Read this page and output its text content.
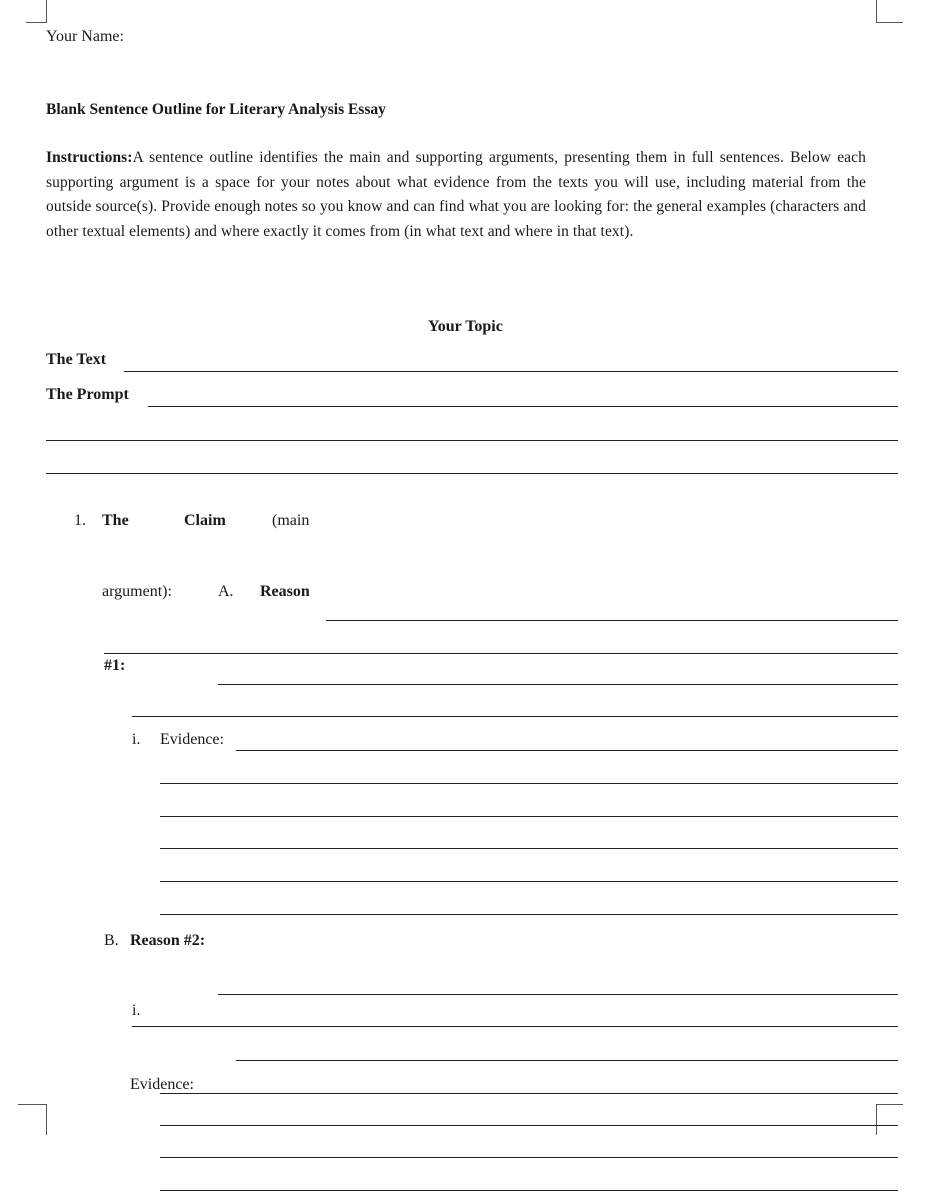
Your Name:
Blank Sentence Outline for Literary Analysis Essay
Instructions:A sentence outline identifies the main and supporting arguments, presenting them in full sentences. Below each supporting argument is a space for your notes about what evidence from the texts you will use, including material from the outside source(s). Provide enough notes so you know and can find what you are looking for: the general examples (characters and other textual elements) and where exactly it comes from (in what text and where in that text).
Your Topic
The Text
The Prompt
1. The	Claim	(main
argument):	A. Reason
#1:
i. Evidence:
B. Reason #2:
i.
Evidence:
